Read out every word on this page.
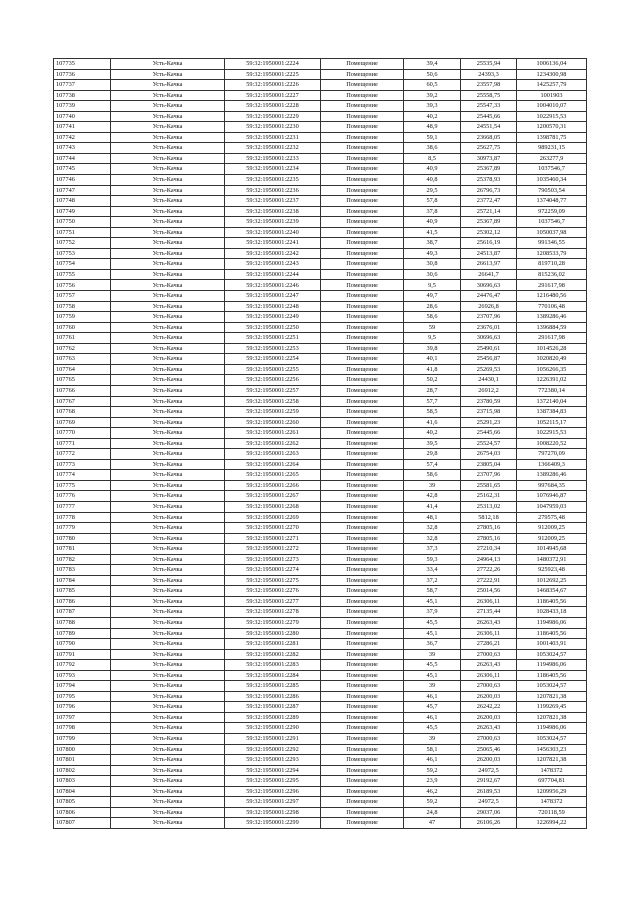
107735	Усть-Качка	59:32:1950001:2224	Помещение	39,4	25535,94	1006136,04
107736	Усть-Качка	59:32:1950001:2225	Помещение	50,6	24393,3	1234300,98
107737	Усть-Качка	59:32:1950001:2226	Помещение	60,5	23557,98	1425257,79
107738	Усть-Качка	59:32:1950001:2227	Помещение	39,2	25558,75	1001903
107739	Усть-Качка	59:32:1950001:2228	Помещение	39,3	25547,33	1004010,07
107740	Усть-Качка	59:32:1950001:2229	Помещение	40,2	25445,66	1022915,53
107741	Усть-Качка	59:32:1950001:2230	Помещение	48,9	24551,54	1200570,31
107742	Усть-Качка	59:32:1950001:2231	Помещение	59,1	23668,05	1398781,75
107743	Усть-Качка	59:32:1950001:2232	Помещение	38,6	25627,75	989231,15
107744	Усть-Качка	59:32:1950001:2233	Помещение	8,5	30973,87	263277,9
107745	Усть-Качка	59:32:1950001:2234	Помещение	40,9	25367,89	1037546,7
107746	Усть-Качка	59:32:1950001:2235	Помещение	40,8	25378,93	1035460,34
107747	Усть-Качка	59:32:1950001:2236	Помещение	29,5	26796,73	790503,54
107748	Усть-Качка	59:32:1950001:2237	Помещение	57,8	23772,47	1374048,77
107749	Усть-Качка	59:32:1950001:2238	Помещение	37,8	25721,14	972259,09
107750	Усть-Качка	59:32:1950001:2239	Помещение	40,9	25367,89	1037546,7
107751	Усть-Качка	59:32:1950001:2240	Помещение	41,5	25302,12	1050037,98
107752	Усть-Качка	59:32:1950001:2241	Помещение	38,7	25616,19	991346,55
107753	Усть-Качка	59:32:1950001:2242	Помещение	49,3	24513,87	1208533,79
107754	Усть-Качка	59:32:1950001:2243	Помещение	30,8	26613,97	819710,28
107755	Усть-Качка	59:32:1950001:2244	Помещение	30,6	26641,7	815236,02
107756	Усть-Качка	59:32:1950001:2246	Помещение	9,5	30696,63	291617,98
107757	Усть-Качка	59:32:1950001:2247	Помещение	49,7	24476,47	1216480,56
107758	Усть-Качка	59:32:1950001:2248	Помещение	28,6	26926,8	770106,48
107759	Усть-Качка	59:32:1950001:2249	Помещение	58,6	23707,96	1389286,46
107760	Усть-Качка	59:32:1950001:2250	Помещение	59	23676,01	1396884,59
107761	Усть-Качка	59:32:1950001:2251	Помещение	9,5	30696,63	291617,98
107762	Усть-Качка	59:32:1950001:2253	Помещение	39,8	25490,61	1014526,28
107763	Усть-Качка	59:32:1950001:2254	Помещение	40,1	25456,87	1020820,49
107764	Усть-Качка	59:32:1950001:2255	Помещение	41,8	25269,53	1056266,35
107765	Усть-Качка	59:32:1950001:2256	Помещение	50,2	24430,1	1226391,02
107766	Усть-Качка	59:32:1950001:2257	Помещение	28,7	26912,2	772380,14
107767	Усть-Качка	59:32:1950001:2258	Помещение	57,7	23780,59	1372140,04
107768	Усть-Качка	59:32:1950001:2259	Помещение	58,5	23715,98	1387384,83
107769	Усть-Качка	59:32:1950001:2260	Помещение	41,6	25291,23	1052115,17
107770	Усть-Качка	59:32:1950001:2261	Помещение	40,2	25445,66	1022915,53
107771	Усть-Качка	59:32:1950001:2262	Помещение	39,5	25524,57	1008220,52
107772	Усть-Качка	59:32:1950001:2263	Помещение	29,8	26754,03	797270,09
107773	Усть-Качка	59:32:1950001:2264	Помещение	57,4	23805,04	1366409,3
107774	Усть-Качка	59:32:1950001:2265	Помещение	58,6	23707,96	1389286,46
107775	Усть-Качка	59:32:1950001:2266	Помещение	39	25581,65	997684,35
107776	Усть-Качка	59:32:1950001:2267	Помещение	42,8	25162,31	1076946,87
107777	Усть-Качка	59:32:1950001:2268	Помещение	41,4	25313,02	1047959,03
107778	Усть-Качка	59:32:1950001:2269	Помещение	48,1	5812,18	279575,48
107779	Усть-Качка	59:32:1950001:2270	Помещение	32,8	27805,16	912009,25
107780	Усть-Качка	59:32:1950001:2271	Помещение	32,8	27805,16	912009,25
107781	Усть-Качка	59:32:1950001:2272	Помещение	37,3	27210,34	1014945,68
107782	Усть-Качка	59:32:1950001:2273	Помещение	59,3	24964,13	1480372,91
107783	Усть-Качка	59:32:1950001:2274	Помещение	33,4	27722,26	925923,48
107784	Усть-Качка	59:32:1950001:2275	Помещение	37,2	27222,91	1012692,25
107785	Усть-Качка	59:32:1950001:2276	Помещение	58,7	25014,56	1468354,67
107786	Усть-Качка	59:32:1950001:2277	Помещение	45,1	26306,11	1186405,56
107787	Усть-Качка	59:32:1950001:2278	Помещение	37,9	27135,44	1028433,18
107788	Усть-Качка	59:32:1950001:2279	Помещение	45,5	26263,43	1194986,06
107789	Усть-Качка	59:32:1950001:2280	Помещение	45,1	26306,11	1186405,56
107790	Усть-Качка	59:32:1950001:2281	Помещение	36,7	27286,21	1001403,91
107791	Усть-Качка	59:32:1950001:2282	Помещение	39	27000,63	1053024,57
107792	Усть-Качка	59:32:1950001:2283	Помещение	45,5	26263,43	1194986,06
107793	Усть-Качка	59:32:1950001:2284	Помещение	45,1	26306,11	1186405,56
107794	Усть-Качка	59:32:1950001:2285	Помещение	39	27000,63	1053024,57
107795	Усть-Качка	59:32:1950001:2286	Помещение	46,1	26200,03	1207821,38
107796	Усть-Качка	59:32:1950001:2287	Помещение	45,7	26242,22	1199269,45
107797	Усть-Качка	59:32:1950001:2289	Помещение	46,1	26200,03	1207821,38
107798	Усть-Качка	59:32:1950001:2290	Помещение	45,5	26263,43	1194986,06
107799	Усть-Качка	59:32:1950001:2291	Помещение	39	27000,63	1053024,57
107800	Усть-Качка	59:32:1950001:2292	Помещение	58,1	25065,46	1456303,23
107801	Усть-Качка	59:32:1950001:2293	Помещение	46,1	26200,03	1207821,38
107802	Усть-Качка	59:32:1950001:2294	Помещение	59,2	24972,5	1478372
107803	Усть-Качка	59:32:1950001:2295	Помещение	23,9	29192,67	697704,81
107804	Усть-Качка	59:32:1950001:2296	Помещение	46,2	26189,53	1209956,29
107805	Усть-Качка	59:32:1950001:2297	Помещение	59,2	24972,5	1478372
107806	Усть-Качка	59:32:1950001:2298	Помещение	24,8	29037,06	720118,59
107807	Усть-Качка	59:32:1950001:2299	Помещение	47	26106,26	1226994,22
